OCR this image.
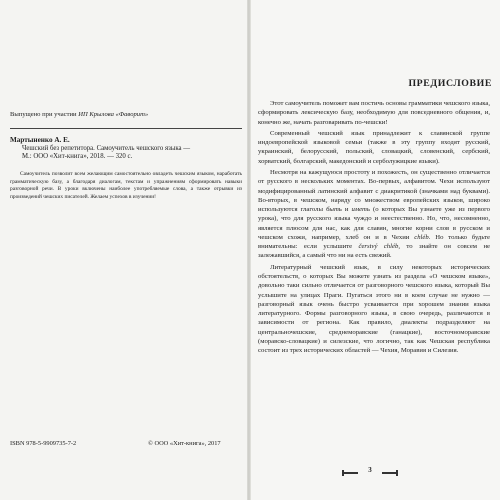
Выпущено при участии ИП Крылова «Фаворит»
Мартыненко А. Е.
Чешский без репетитора. Самоучитель чешского языка —
М.: ООО «Хит-книга», 2018. — 320 с.
Самоучитель позволит всем желающим самостоятельно овладеть чешским языком, наработать грамматическую базу, а благодаря диалогам, текстам и упражнениям сформировать навыки разговорной речи. В уроки включены наиболее употребляемые слова, а также отрывки из произведений чешских писателей. Желаем успехов в изучении!
ISBN 978-5-9909735-7-2	© ООО «Хит-книга», 2017
ПРЕДИСЛОВИЕ

Этот самоучитель поможет вам постичь основы грамматики чешского языка, сформировать лексическую базу, необходимую для повседневного общения, и, конечно же, начать разговаривать по-чешски!

Современный чешский язык принадлежит к славянской группе индоевропейской языковой семьи (также в эту группу входят русский, украинский, белорусский, польский, словацкий, словенский, сербский, хорватский, болгарский, македонский и серболужицкие языки).

Несмотря на кажущуюся простоту и похожесть, он существенно отличается от русского в нескольких моментах. Во-первых, алфавитом. Чехи используют модифицированный латинский алфавит с диакритикой (значками над буквами). Во-вторых, в чешском, наряду со множеством европейских языков, широко используются глаголы быть и иметь (о которых Вы узнаете уже из первого урока), что для русского языка чуждо и неестественно. Но, что, несомненно, является плюсом для нас, как для славян, многие корни слов в русском и чешском схожи, например, хлеб он и в Чехии chléb. Но только будьте внимательны: если услышите čerstvý chléb, то знайте он совсем не залежавшийся, а самый что ни на есть свежий.

Литературный чешский язык, в силу некоторых исторических обстоятельств, о которых Вы можете узнать из раздела «О чешском языке», довольно таки сильно отличается от разговорного чешского языка, который Вы услышите на улицах Праги. Пугаться этого ни в коем случае не нужно — разговорный язык очень быстро усваивается при хорошем знании языка литературного. Формы разговорного языка, в свою очередь, различаются в зависимости от регионa. Как правило, диалекты подразделяют на центральночешские, среднеморавские (ганацкие), восточноморавские (моравско-словацкие) и силезские, что логично, так как Чешская республика состоит из трех исторических областей — Чехия, Моравия и Силезия.

3
